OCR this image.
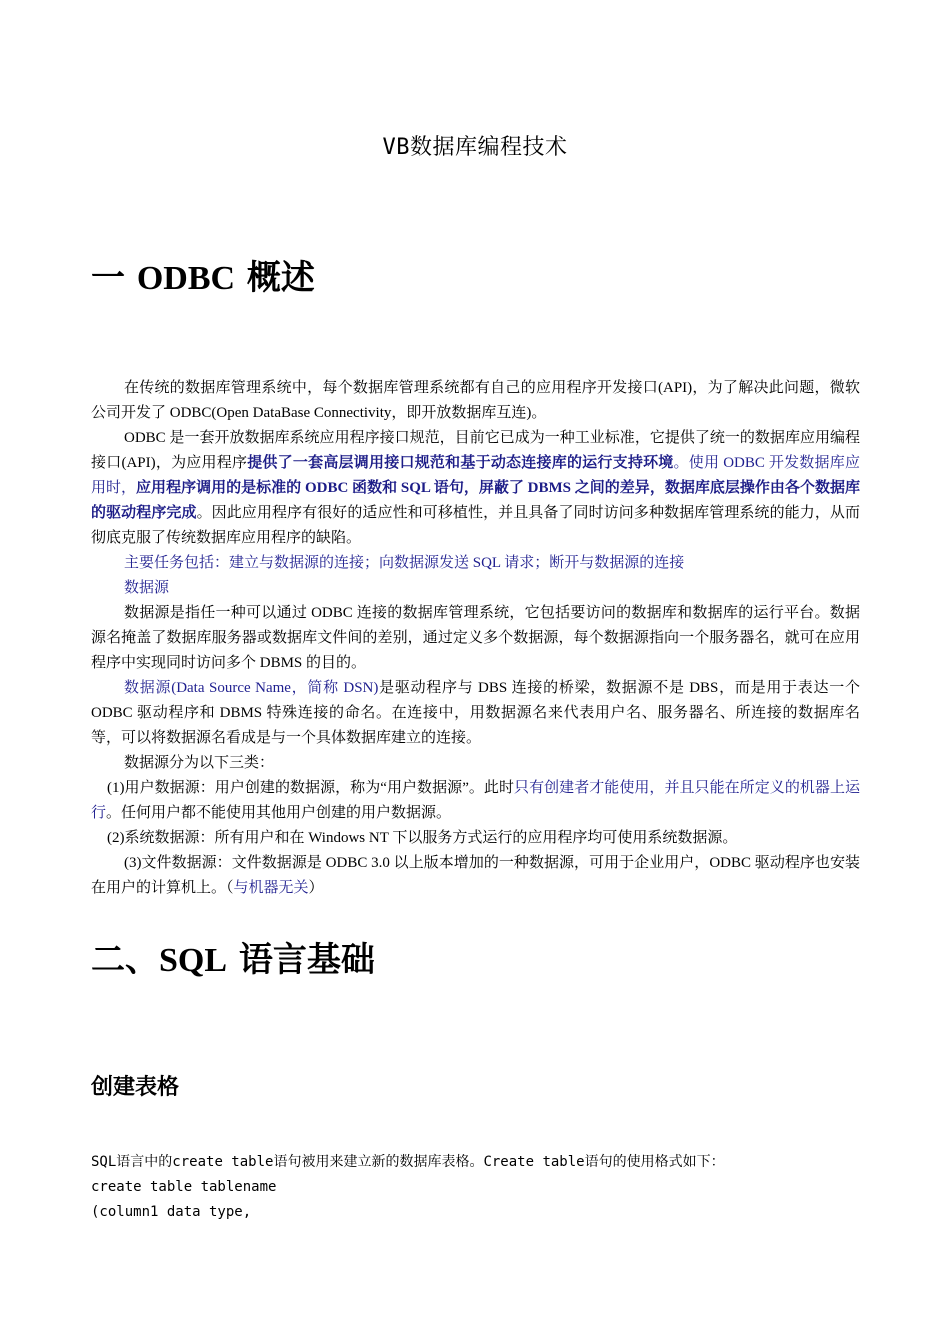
VB数据库编程技术
一 ODBC 概述

在传统的数据库管理系统中，每个数据库管理系统都有自己的应用程序开发接口(API)，为了解决此问题，微软公司开发了 ODBC(Open DataBase Connectivity，即开放数据库互连)。

ODBC 是一套开放数据库系统应用程序接口规范，目前它已成为一种工业标准，它提供了统一的数据库应用编程接口(API)，为应用程序提供了一套高层调用接口规范和基于动态连接库的运行支持环境。使用 ODBC 开发数据库应用时，应用程序调用的是标准的 ODBC 函数和 SQL 语句，屏蔽了 DBMS 之间的差异，数据库底层操作由各个数据库的驱动程序完成。因此应用程序有很好的适应性和可移植性，并且具备了同时访问多种数据库管理系统的能力，从而彻底克服了传统数据库应用程序的缺陷。

主要任务包括：建立与数据源的连接；向数据源发送 SQL 请求；断开与数据源的连接

数据源

数据源是指任一种可以通过 ODBC 连接的数据库管理系统，它包括要访问的数据库和数据库的运行平台。数据源名掩盖了数据库服务器或数据库文件间的差别，通过定义多个数据源，每个数据源指向一个服务器名，就可在应用程序中实现同时访问多个 DBMS 的目的。

数据源(Data Source Name，简称 DSN)是驱动程序与 DBS 连接的桥梁，数据源不是 DBS，而是用于表达一个 ODBC 驱动程序和 DBMS 特殊连接的命名。在连接中，用数据源名来代表用户名、服务器名、所连接的数据库名等，可以将数据源名看成是与一个具体数据库建立的连接。

数据源分为以下三类：

(1)用户数据源：用户创建的数据源，称为“用户数据源”。此时只有创建者才能使用，并且只能在所定义的机器上运行。任何用户都不能使用其他用户创建的用户数据源。

(2)系统数据源：所有用户和在 Windows NT 下以服务方式运行的应用程序均可使用系统数据源。

(3)文件数据源：文件数据源是 ODBC 3.0 以上版本增加的一种数据源，可用于企业用户，ODBC 驱动程序也安装在用户的计算机上。（与机器无关）

二、SQL 语言基础
创建表格

SQL语言中的create table语句被用来建立新的数据库表格。Create table语句的使用格式如下：

create table tablename

(column1 data type,
